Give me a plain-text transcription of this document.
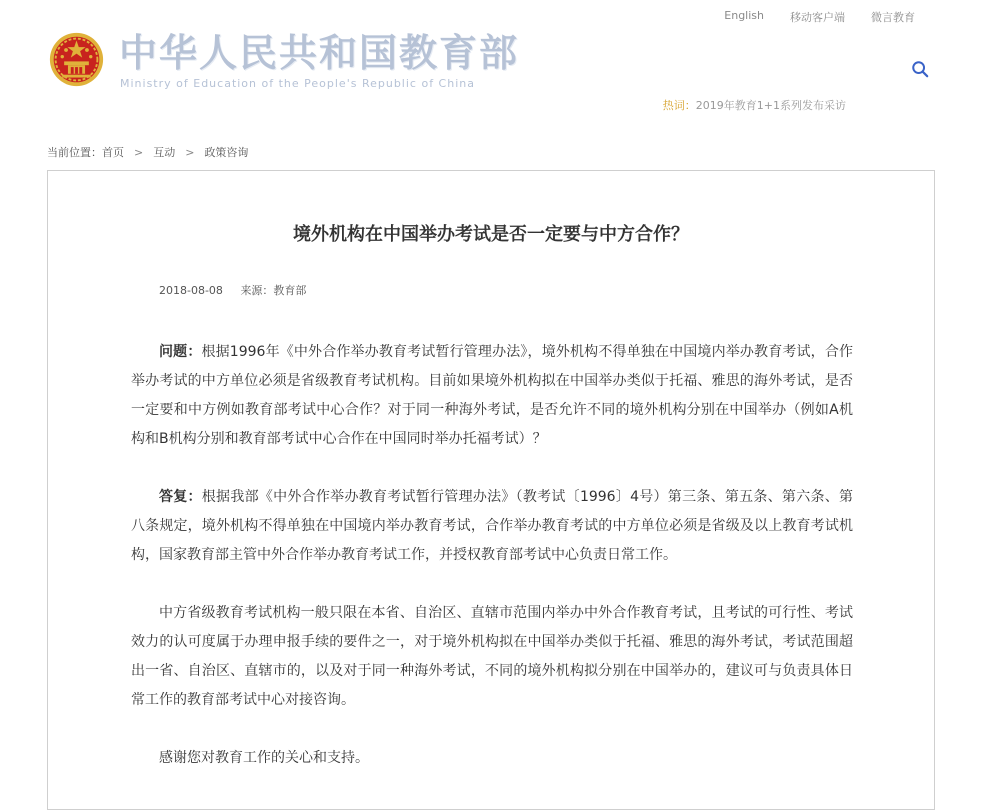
English 移动客户端 微言教育
中华人民共和国教育部
Ministry of Education of the People's Republic of China
热词：2019年教育1+1系列发布采访
当前位置：首页 > 互动 > 政策咨询
境外机构在中国举办考试是否一定要与中方合作？
2018-08-08 来源：教育部

问题：根据1996年《中外合作举办教育考试暂行管理办法》，境外机构不得单独在中国境内举办教育考试，合作举办考试的中方单位必须是省级教育考试机构。目前如果境外机构拟在中国举办类似于托福、雅思的海外考试，是否一定要和中方例如教育部考试中心合作？对于同一种海外考试，是否允许不同的境外机构分别在中国举办（例如A机构和B机构分别和教育部考试中心合作在中国同时举办托福考试）？

答复：根据我部《中外合作举办教育考试暂行管理办法》（教考试〔1996〕4号）第三条、第五条、第六条、第八条规定，境外机构不得单独在中国境内举办教育考试，合作举办教育考试的中方单位必须是省级及以上教育考试机构，国家教育部主管中外合作举办教育考试工作，并授权教育部考试中心负责日常工作。

中方省级教育考试机构一般只限在本省、自治区、直辖市范围内举办中外合作教育考试，且考试的可行性、考试效力的认可度属于办理申报手续的要件之一，对于境外机构拟在中国举办类似于托福、雅思的海外考试，考试范围超出一省、自治区、直辖市的，以及对于同一种海外考试，不同的境外机构拟分别在中国举办的，建议可与负责具体日常工作的教育部考试中心对接咨询。

感谢您对教育工作的关心和支持。
